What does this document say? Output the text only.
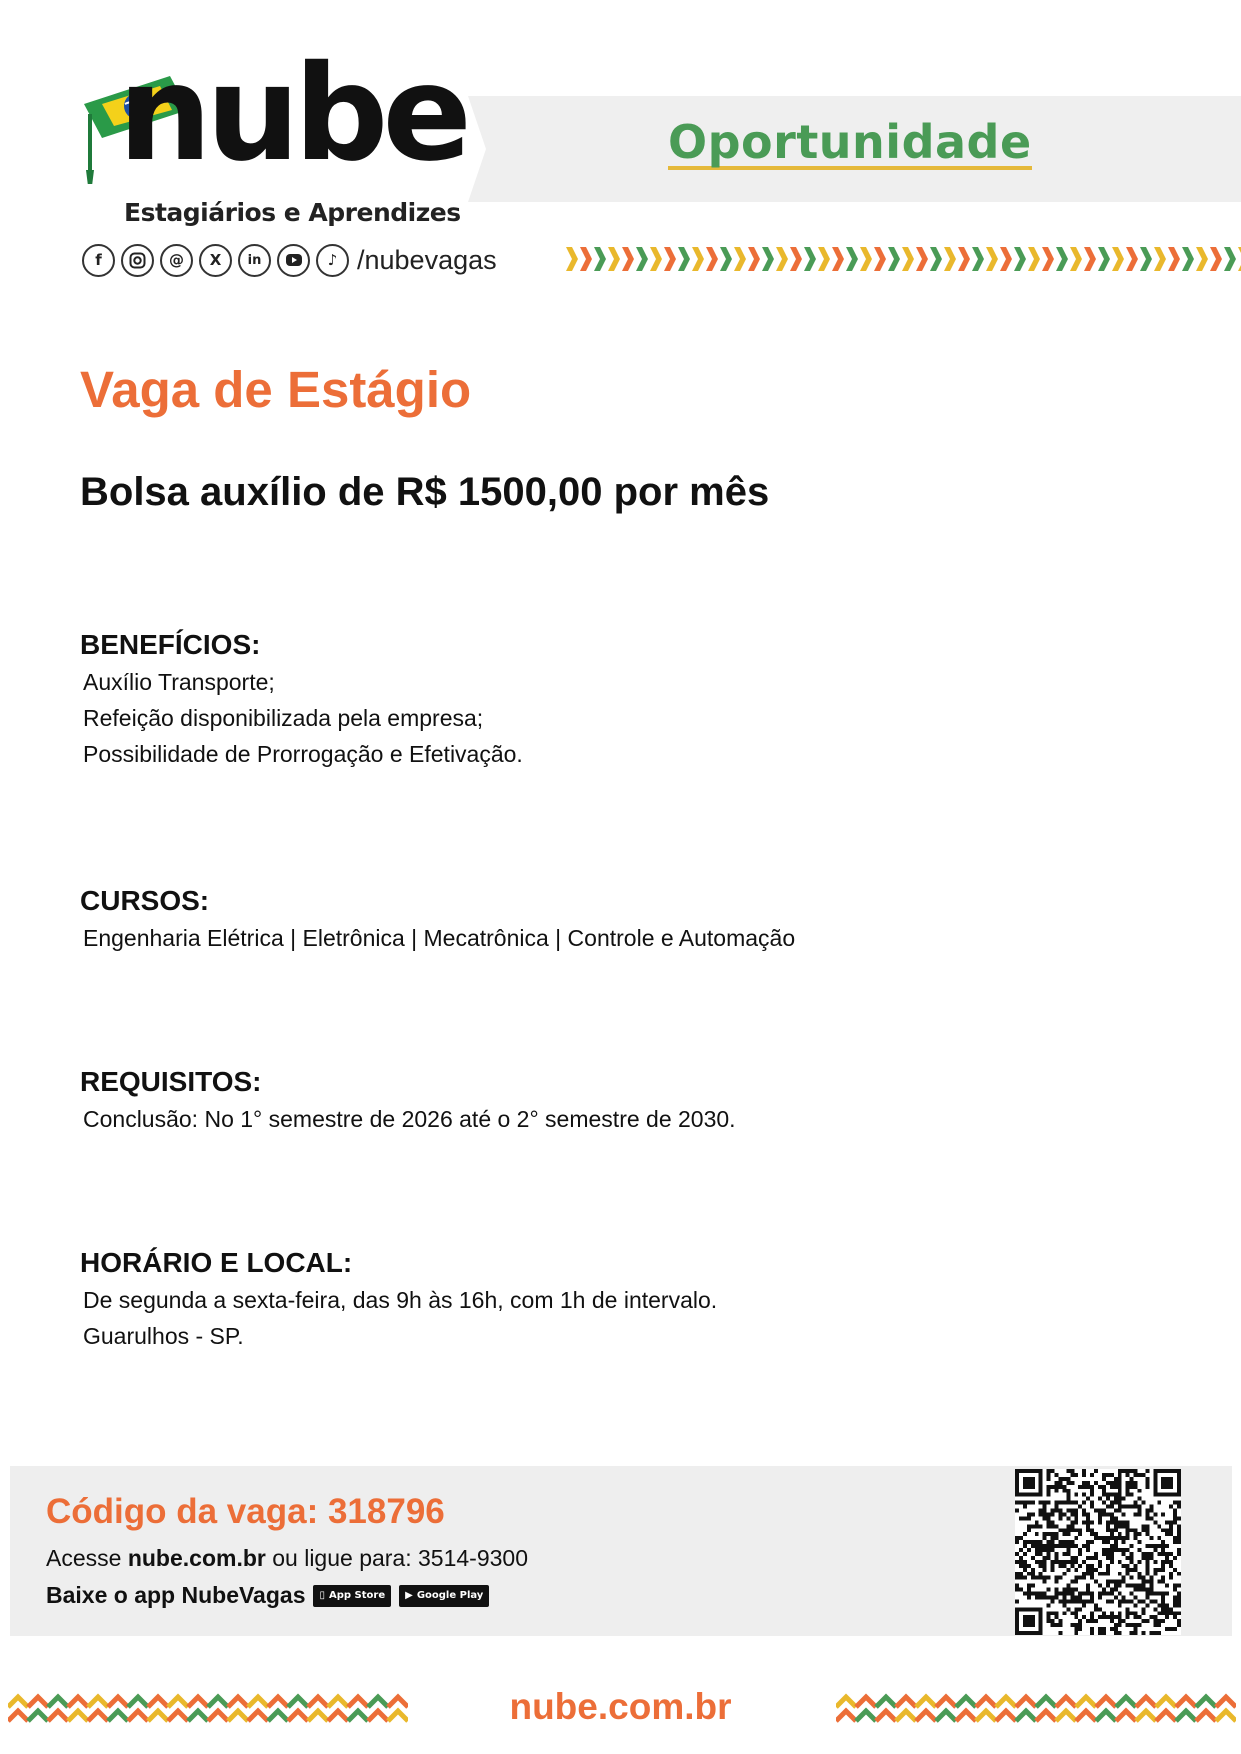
nube
Estagiários e Aprendizes
Oportunidade
f	@	X	in	♪ /nubevagas
Vaga de Estágio
Bolsa auxílio de R$ 1500,00 por mês
BENEFÍCIOS:
Auxílio Transporte;
Refeição disponibilizada pela empresa;
Possibilidade de Prorrogação e Efetivação.
CURSOS:
Engenharia Elétrica | Eletrônica | Mecatrônica | Controle e Automação
REQUISITOS:
Conclusão: No 1° semestre de 2026 até o 2° semestre de 2030.
HORÁRIO E LOCAL:
De segunda a sexta-feira, das 9h às 16h, com 1h de intervalo.
Guarulhos - SP.
Código da vaga: 318796
Acesse nube.com.br ou ligue para: 3514-9300
Baixe o app NubeVagas ▯ App Store ▶ Google Play
nube.com.br
